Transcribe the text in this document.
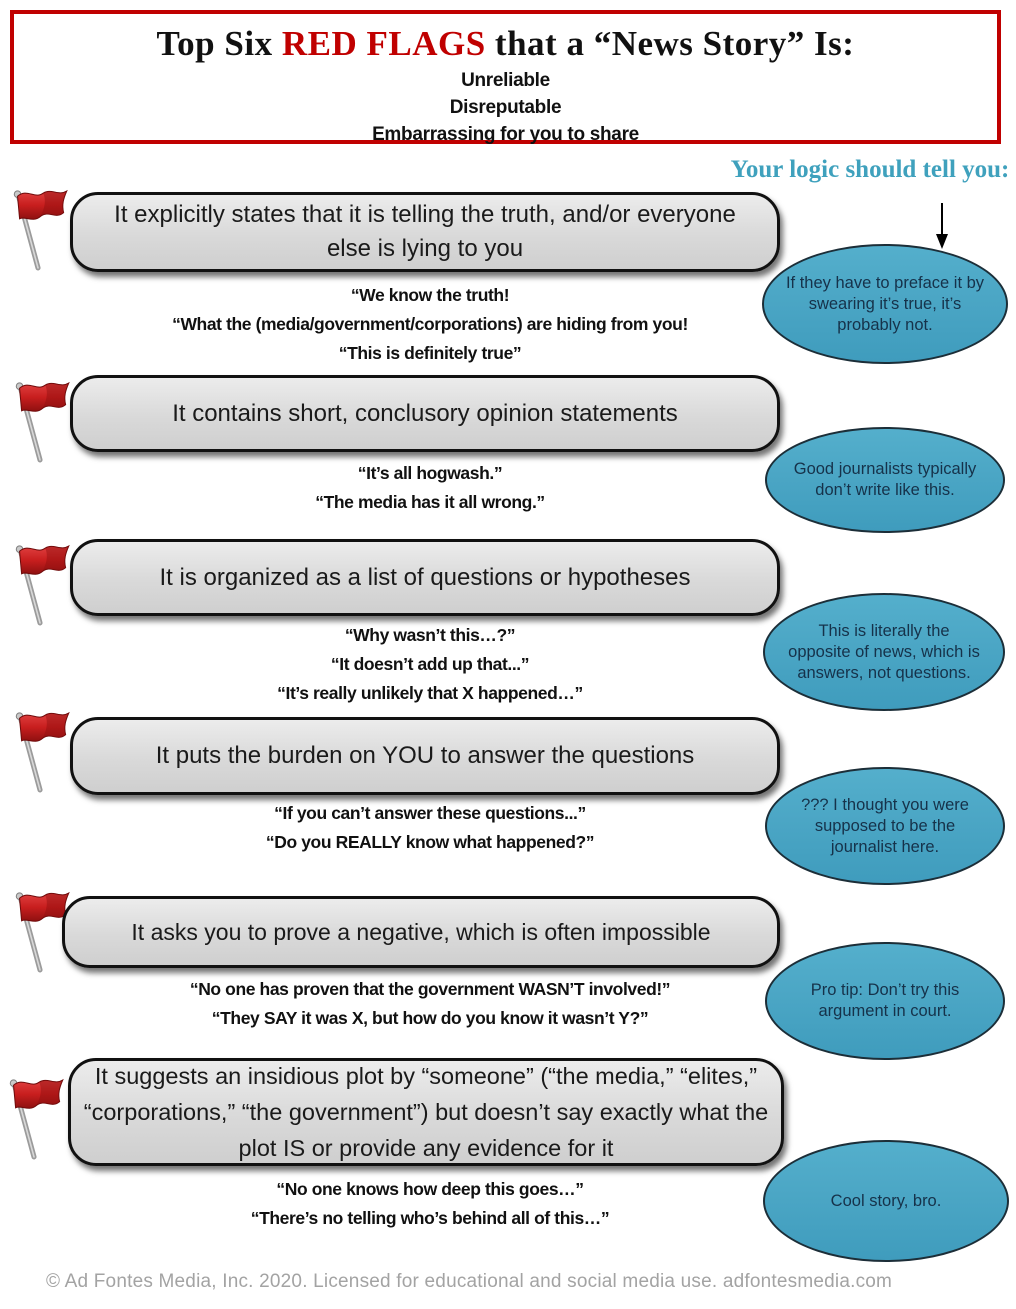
Top Six RED FLAGS that a “News Story” Is:
Unreliable
Disreputable
Embarrassing for you to share
Your logic should tell you:
It explicitly states that it is telling the truth, and/or everyone else is lying to you
“We know the truth!
“What the (media/government/corporations) are hiding from you!
“This is definitely true”
If they have to preface it by swearing it’s true, it’s probably not.
It contains short, conclusory opinion statements
“It’s all hogwash.”
“The media has it all wrong.”
Good journalists typically don’t write like this.
It is organized as a list of questions or hypotheses
“Why wasn’t this…?”
“It doesn’t add up that...”
“It’s really unlikely that X happened…”
This is literally the opposite of news, which is answers, not questions.
It puts the burden on YOU to answer the questions
“If you can’t answer these questions...”
“Do you REALLY know what happened?”
??? I thought you were supposed to be the journalist here.
It asks you to prove a negative, which is often impossible
“No one has proven that the government WASN’T involved!”
“They SAY it was X, but how do you know it wasn’t Y?”
Pro tip: Don’t try this argument in court.
It suggests an insidious plot by “someone” (“the media,” “elites,” “corporations,” “the government”) but doesn’t say exactly what the plot IS or provide any evidence for it
“No one knows how deep this goes…”
“There’s no telling who’s behind all of this…”
Cool story, bro.
© Ad Fontes Media, Inc. 2020. Licensed for educational and social media use. adfontesmedia.com
